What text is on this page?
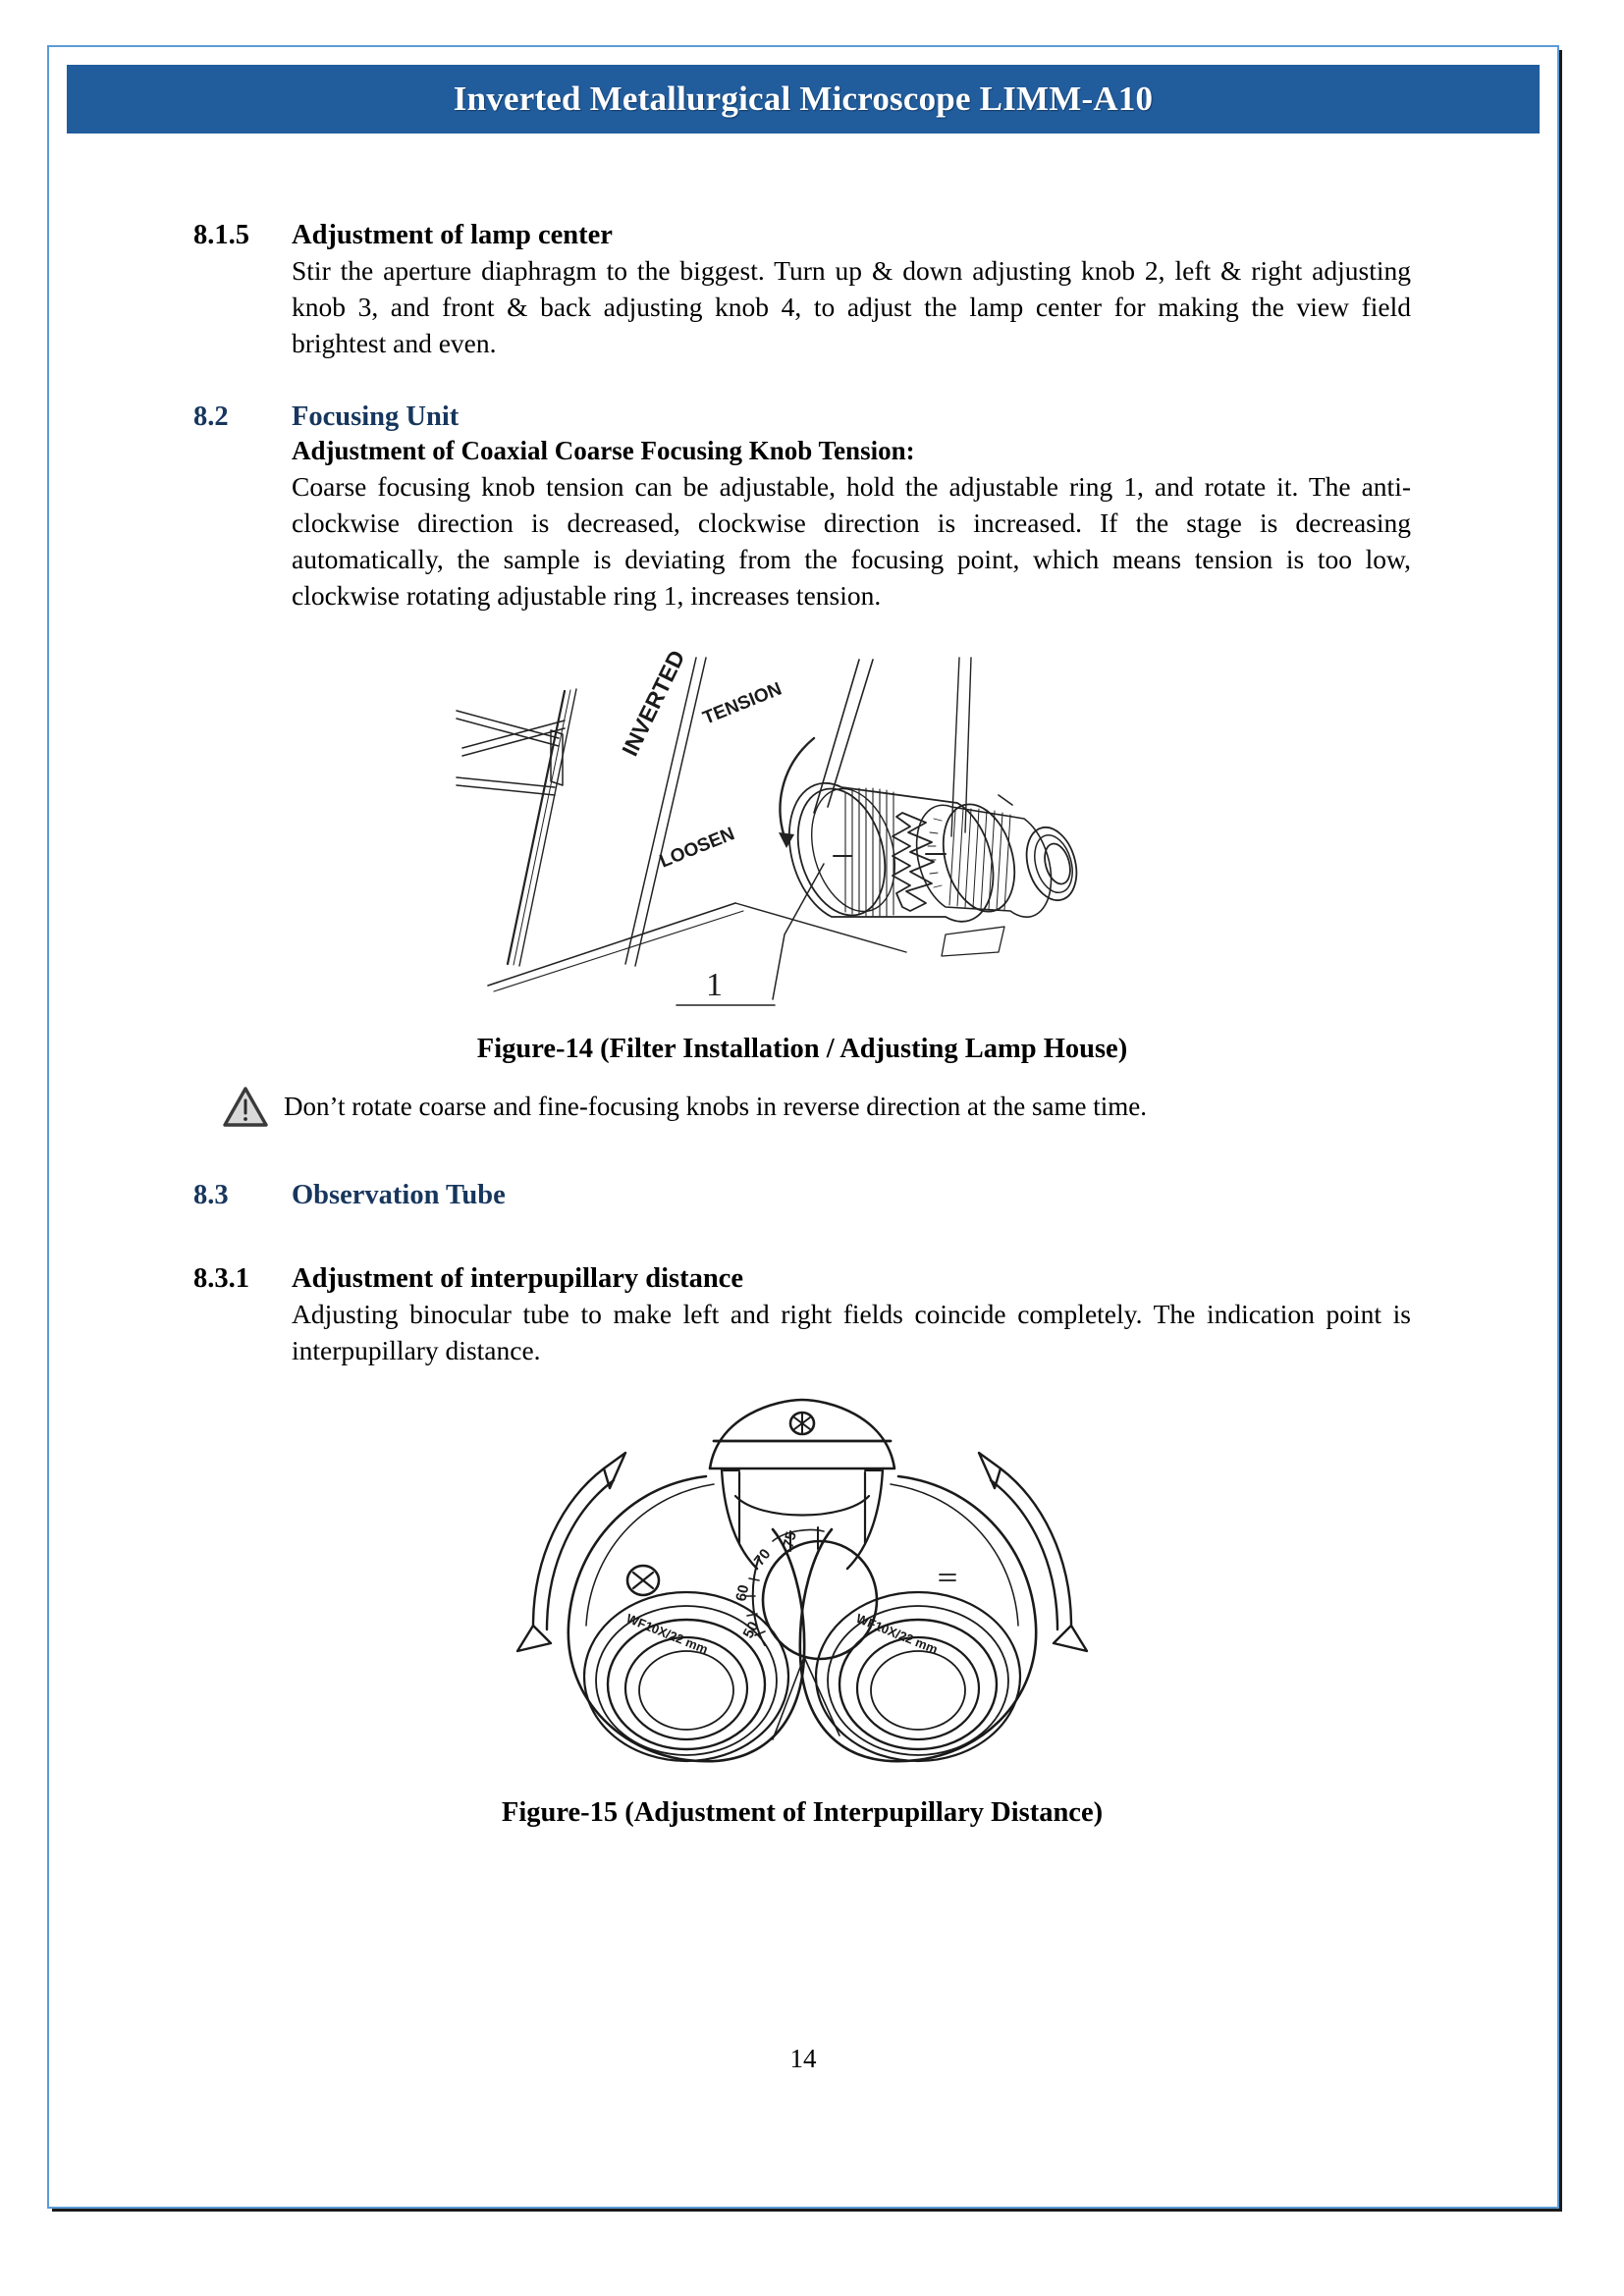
Inverted Metallurgical Microscope LIMM-A10
8.1.5	Adjustment of lamp center
Stir the aperture diaphragm to the biggest. Turn up & down adjusting knob 2, left & right adjusting knob 3, and front & back adjusting knob 4, to adjust the lamp center for making the view field brightest and even.
8.2	Focusing Unit
Adjustment of Coaxial Coarse Focusing Knob Tension:
Coarse focusing knob tension can be adjustable, hold the adjustable ring 1, and rotate it. The anti-clockwise direction is decreased, clockwise direction is increased. If the stage is decreasing automatically, the sample is deviating from the focusing point, which means tension is too low, clockwise rotating adjustable ring 1, increases tension.
INVERTED TENSION
LOOSEN
1
Figure-14 (Filter Installation / Adjusting Lamp House)
Don’t rotate coarse and fine-focusing knobs in reverse direction at the same time.
8.3	Observation Tube
8.3.1	Adjustment of interpupillary distance
Adjusting binocular tube to make left and right fields coincide completely. The indication point is interpupillary distance.
50
60
70
75
WF10X/22 mm	WF10X/22 mm
Figure-15 (Adjustment of Interpupillary Distance)
14
